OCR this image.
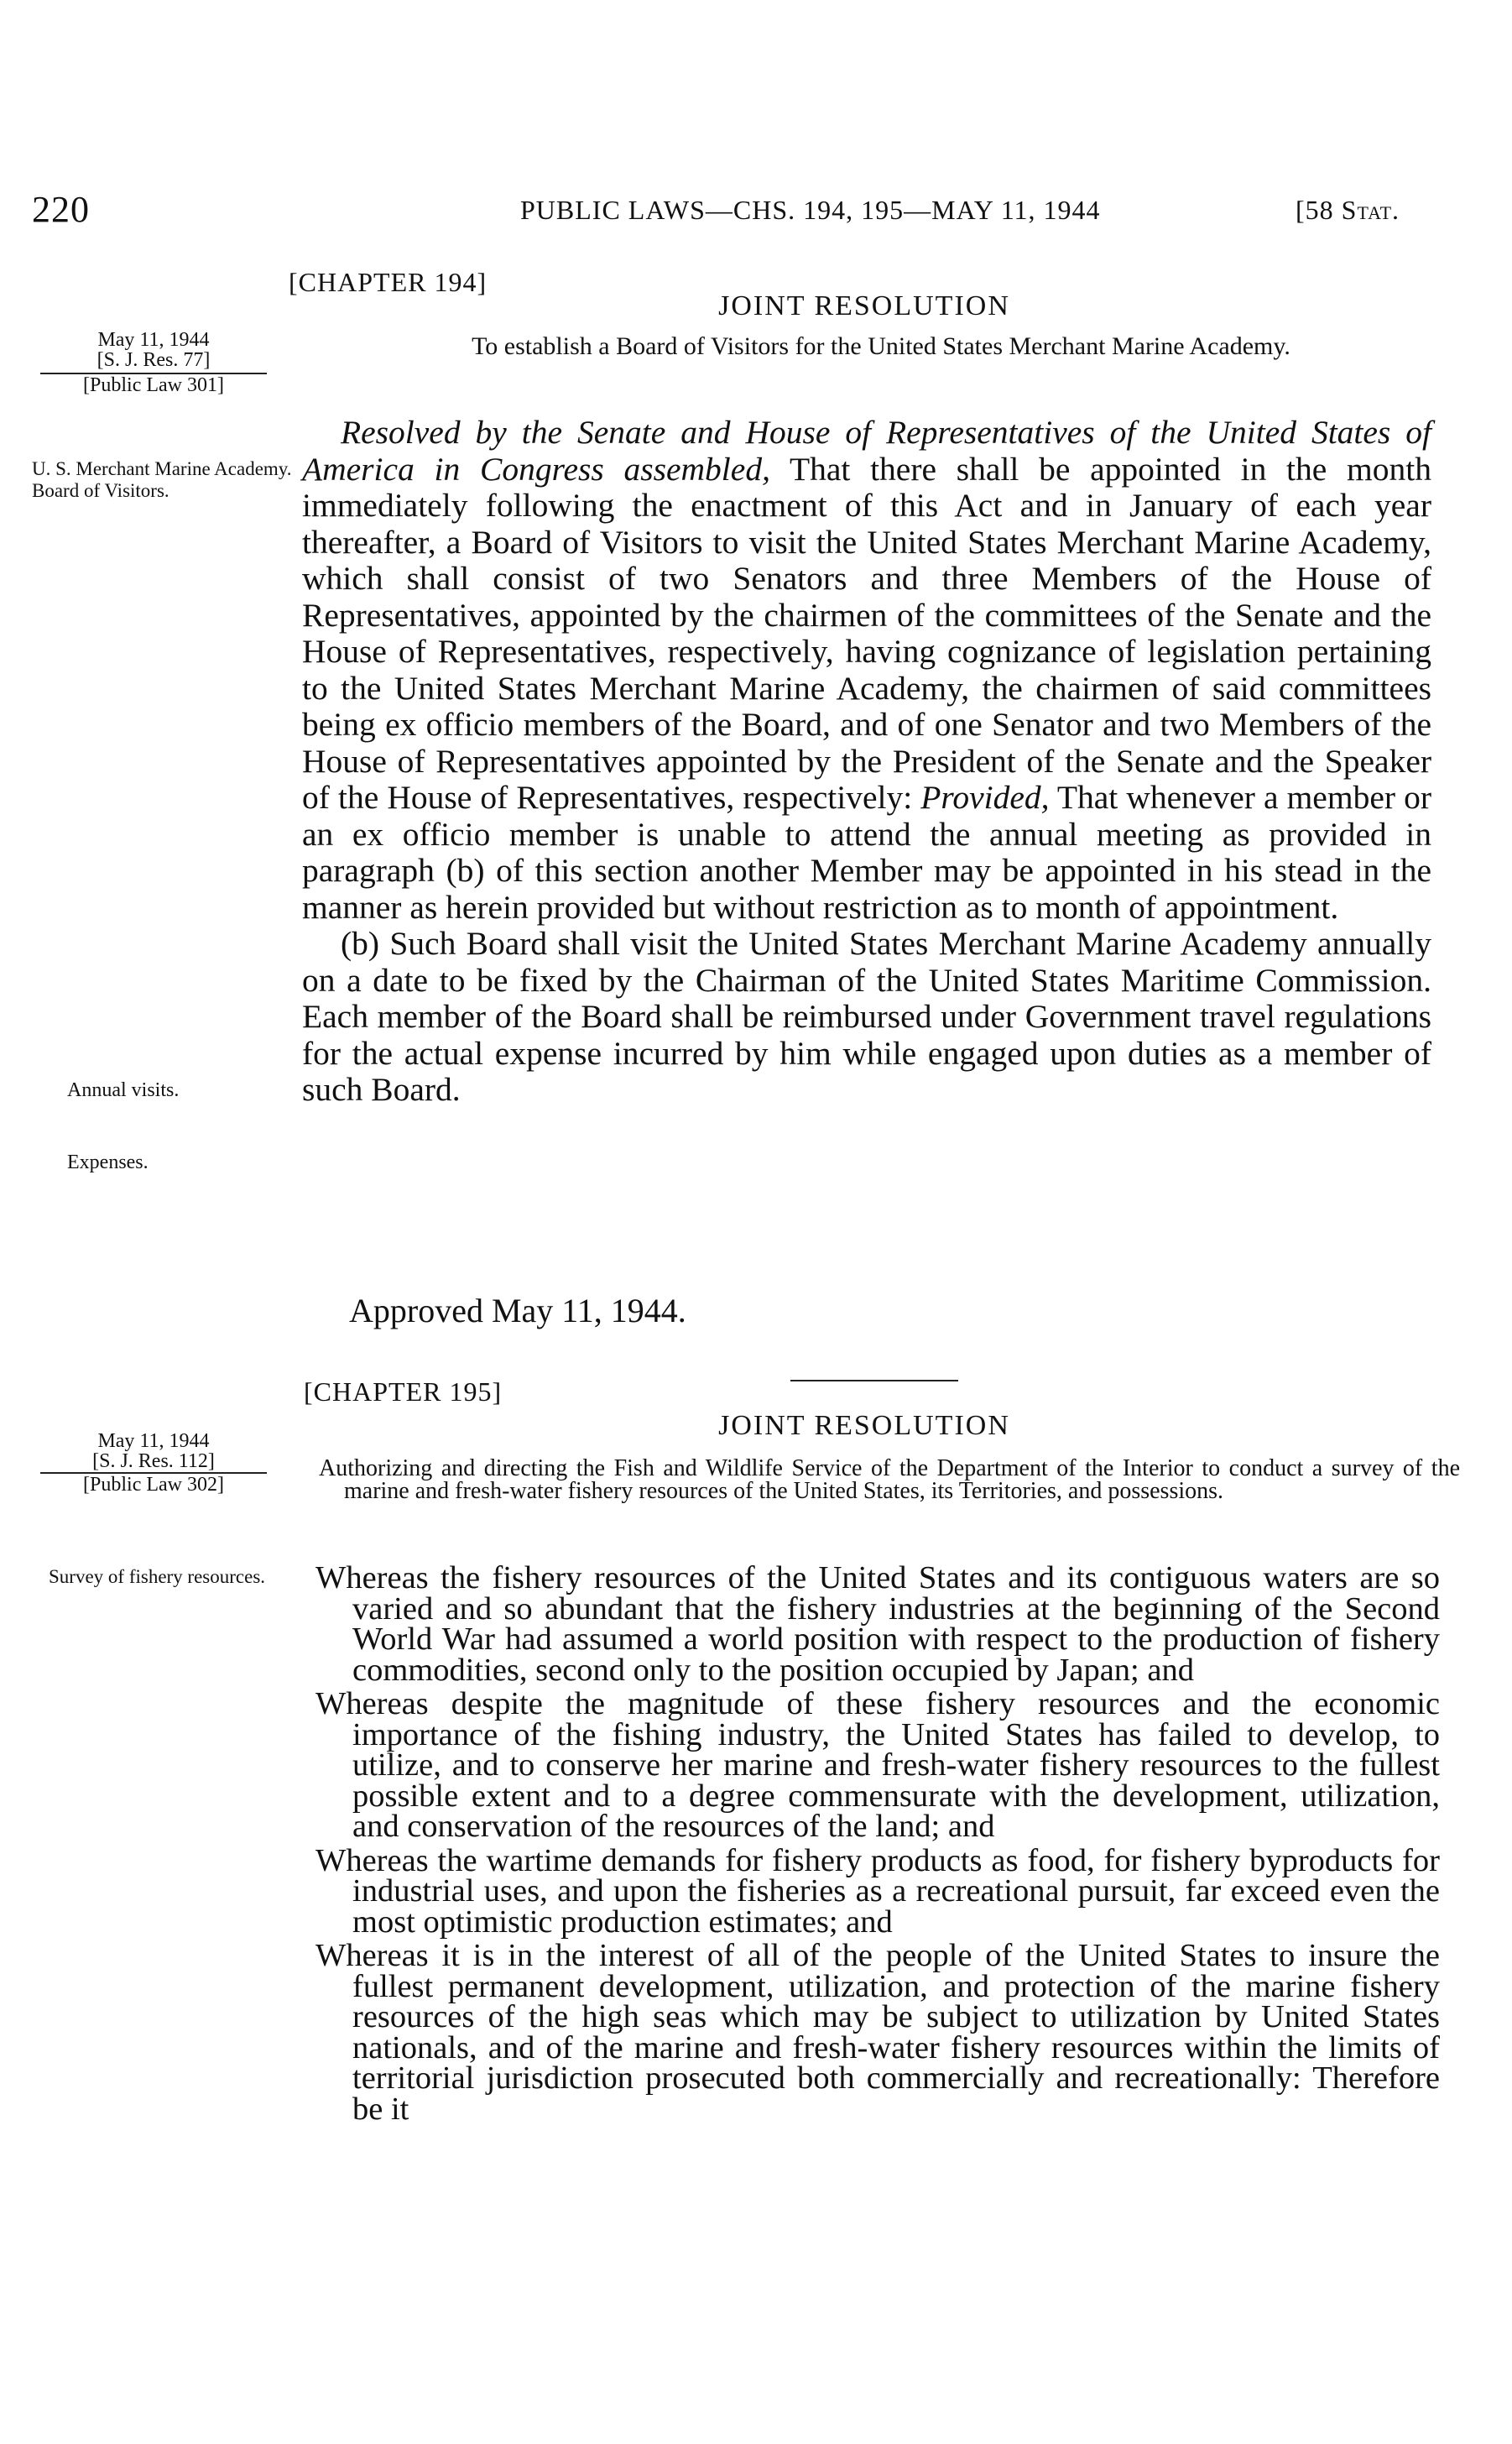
220	PUBLIC LAWS—CHS. 194, 195—MAY 11, 1944	[58 Stat.
[CHAPTER 194]
JOINT RESOLUTION
To establish a Board of Visitors for the United States Merchant Marine Academy.
May 11, 1944
[S. J. Res. 77]
[Public Law 301]
U. S. Merchant Marine Academy. Board of Visitors.
Annual visits.
Expenses.

Resolved by the Senate and House of Representatives of the United States of America in Congress assembled, That there shall be appointed in the month immediately following the enactment of this Act and in January of each year thereafter, a Board of Visitors to visit the United States Merchant Marine Academy, which shall consist of two Senators and three Members of the House of Representatives, appointed by the chairmen of the committees of the Senate and the House of Representatives, respectively, having cognizance of legislation pertaining to the United States Merchant Marine Academy, the chairmen of said committees being ex officio members of the Board, and of one Senator and two Members of the House of Representatives appointed by the President of the Senate and the Speaker of the House of Representatives, respectively: Provided, That whenever a member or an ex officio member is unable to attend the annual meeting as provided in paragraph (b) of this section another Member may be appointed in his stead in the manner as herein provided but without restriction as to month of appointment.

(b) Such Board shall visit the United States Merchant Marine Academy annually on a date to be fixed by the Chairman of the United States Maritime Commission. Each member of the Board shall be reimbursed under Government travel regulations for the actual expense incurred by him while engaged upon duties as a member of such Board.

Approved May 11, 1944.
[CHAPTER 195]
JOINT RESOLUTION
Authorizing and directing the Fish and Wildlife Service of the Department of the Interior to conduct a survey of the marine and fresh-water fishery resources of the United States, its Territories, and possessions.
May 11, 1944
[S. J. Res. 112]
[Public Law 302]
Survey of fishery resources.	Whereas the fishery resources of the United States and its contiguous waters are so varied and so abundant that the fishery industries at the beginning of the Second World War had assumed a world position with respect to the production of fishery commodities, second only to the position occupied by Japan; and

Whereas despite the magnitude of these fishery resources and the economic importance of the fishing industry, the United States has failed to develop, to utilize, and to conserve her marine and fresh-water fishery resources to the fullest possible extent and to a degree commensurate with the development, utilization, and conservation of the resources of the land; and

Whereas the wartime demands for fishery products as food, for fishery byproducts for industrial uses, and upon the fisheries as a recreational pursuit, far exceed even the most optimistic production estimates; and

Whereas it is in the interest of all of the people of the United States to insure the fullest permanent development, utilization, and protection of the marine fishery resources of the high seas which may be subject to utilization by United States nationals, and of the marine and fresh-water fishery resources within the limits of territorial jurisdiction prosecuted both commercially and recreationally: Therefore be it
